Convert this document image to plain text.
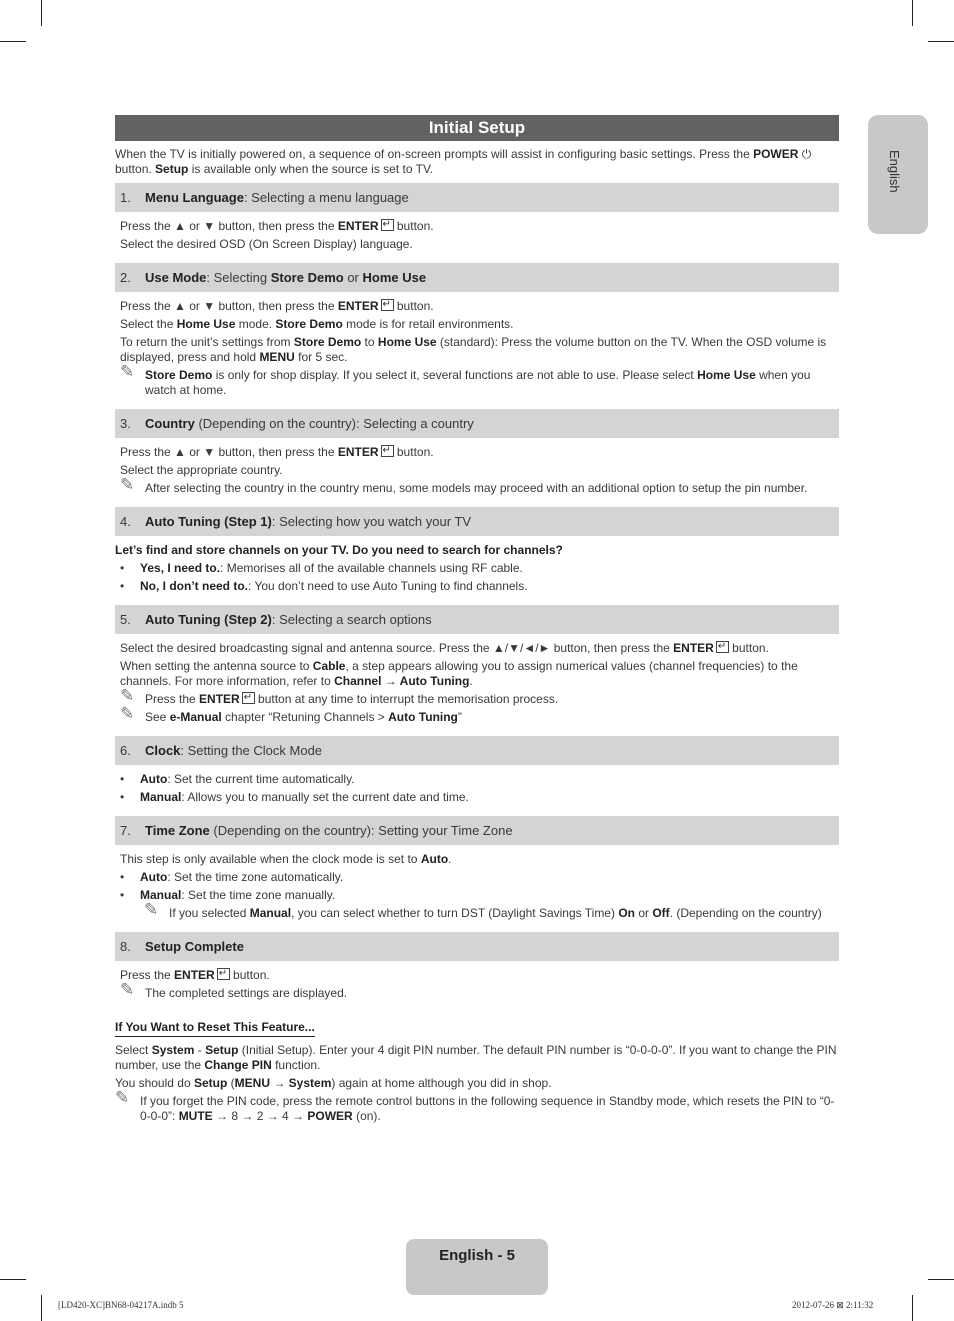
Initial Setup
English

When the TV is initially powered on, a sequence of on-screen prompts will assist in configuring basic settings. Press the POWER ⏻
button. Setup is available only when the source is set to TV.

1. Menu Language: Selecting a menu language

Press the ▲ or ▼ button, then press the ENTER↵ button.

Select the desired OSD (On Screen Display) language.

2. Use Mode: Selecting Store Demo or Home Use

Press the ▲ or ▼ button, then press the ENTER↵ button.

Select the Home Use mode. Store Demo mode is for retail environments.

To return the unit’s settings from Store Demo to Home Use (standard): Press the volume button on the TV. When the OSD volume is displayed, press and hold MENU for 5 sec.

✎ Store Demo is only for shop display. If you select it, several functions are not able to use. Please select Home Use when you watch at home.
3. Country (Depending on the country): Selecting a country

Press the ▲ or ▼ button, then press the ENTER↵ button.

Select the appropriate country.

✎ After selecting the country in the country menu, some models may proceed with an additional option to setup the pin number.
4. Auto Tuning (Step 1): Selecting how you watch your TV

Let’s find and store channels on your TV. Do you need to search for channels?

• Yes, I need to.: Memorises all of the available channels using RF cable.
• No, I don’t need to.: You don’t need to use Auto Tuning to find channels.
5. Auto Tuning (Step 2): Selecting a search options

Select the desired broadcasting signal and antenna source. Press the ▲/▼/◄/► button, then press the ENTER↵ button.

When setting the antenna source to Cable, a step appears allowing you to assign numerical values (channel frequencies) to the channels. For more information, refer to Channel → Auto Tuning.

✎ Press the ENTER↵ button at any time to interrupt the memorisation process.
✎ See e-Manual chapter “Retuning Channels > Auto Tuning”
6. Clock: Setting the Clock Mode
• Auto: Set the current time automatically.
• Manual: Allows you to manually set the current date and time.
7. Time Zone (Depending on the country): Setting your Time Zone

This step is only available when the clock mode is set to Auto.

• Auto: Set the time zone automatically.
• Manual: Set the time zone manually.
✎ If you selected Manual, you can select whether to turn DST (Daylight Savings Time) On or Off. (Depending on the country)
8. Setup Complete

Press the ENTER↵ button.

✎ The completed settings are displayed.
If You Want to Reset This Feature...

Select System - Setup (Initial Setup). Enter your 4 digit PIN number. The default PIN number is “0-0-0-0”. If you want to change the PIN number, use the Change PIN function.

You should do Setup (MENU → System) again at home although you did in shop.

✎ If you forget the PIN code, press the remote control buttons in the following sequence in Standby mode, which resets the PIN to “0-0-0-0”: MUTE → 8 → 2 → 4 → POWER (on).
English - 5
[LD420-XC]BN68-04217A.indb 5	2012-07-26 ⊠ 2:11:32
